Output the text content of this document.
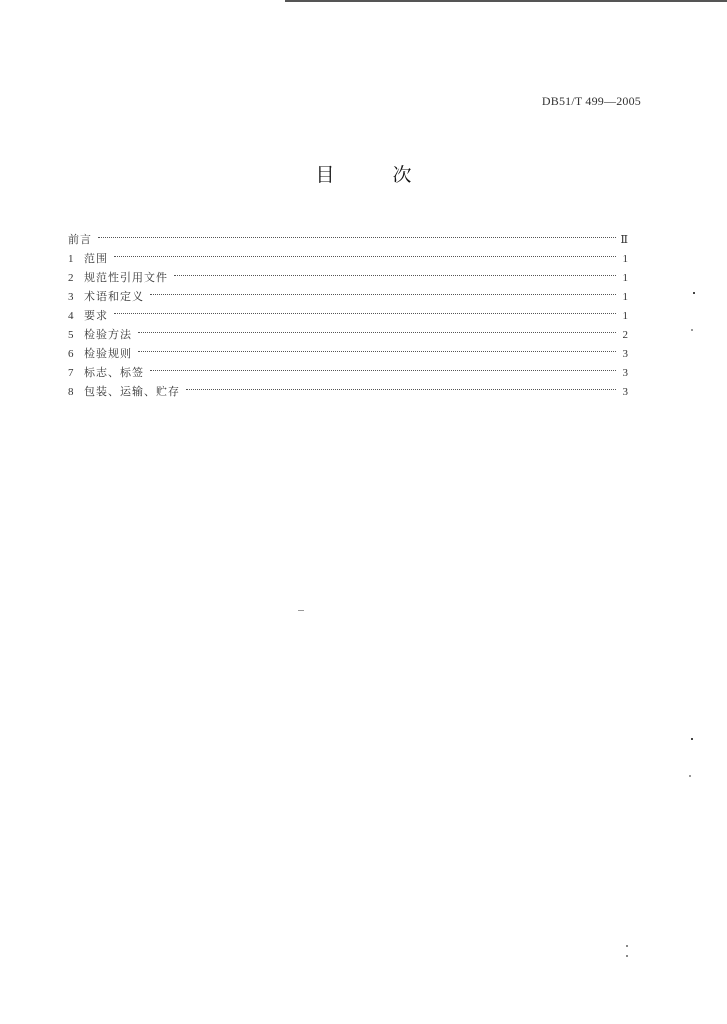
DB51/T 499—2005
目	次
前言	Ⅱ
1 范围	1
2 规范性引用文件	1
3 术语和定义	1
4 要求	1
5 检验方法	2
6 检验规则	3
7 标志、标签	3
8 包装、运输、贮存	3
